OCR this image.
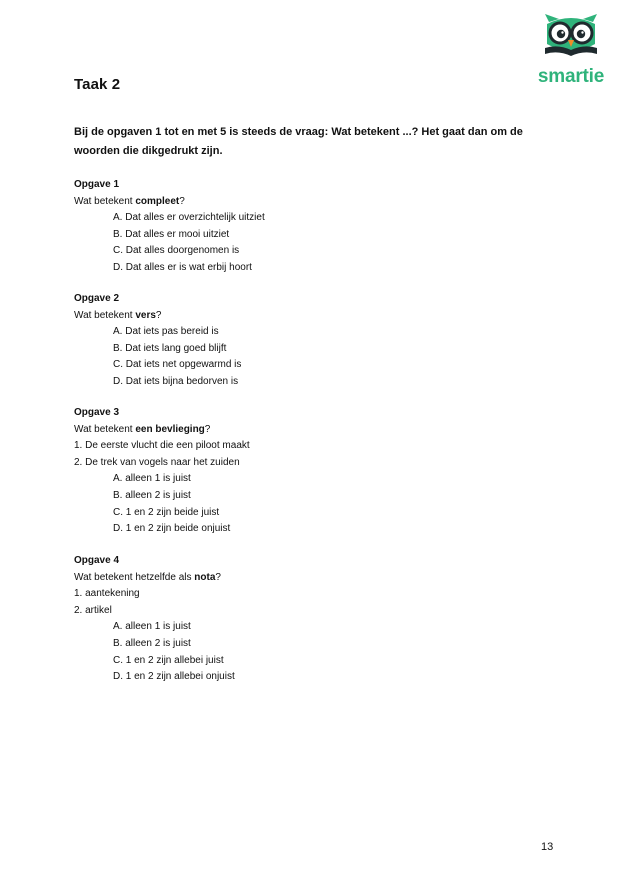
Taak 2	smartie
Bij de opgaven 1 tot en met 5 is steeds de vraag: Wat betekent ...? Het gaat dan om de woorden die dikgedrukt zijn.
Opgave 1
Wat betekent compleet?
A. Dat alles er overzichtelijk uitziet
B. Dat alles er mooi uitziet
C. Dat alles doorgenomen is
D. Dat alles er is wat erbij hoort
Opgave 2
Wat betekent vers?
A. Dat iets pas bereid is
B. Dat iets lang goed blijft
C. Dat iets net opgewarmd is
D. Dat iets bijna bedorven is
Opgave 3
Wat betekent een bevlieging?
1. De eerste vlucht die een piloot maakt
2. De trek van vogels naar het zuiden
A. alleen 1 is juist
B. alleen 2 is juist
C. 1 en 2 zijn beide juist
D. 1 en 2 zijn beide onjuist
Opgave 4
Wat betekent hetzelfde als nota?
1. aantekening
2. artikel
A. alleen 1 is juist
B. alleen 2 is juist
C. 1 en 2 zijn allebei juist
D. 1 en 2 zijn allebei onjuist
13
